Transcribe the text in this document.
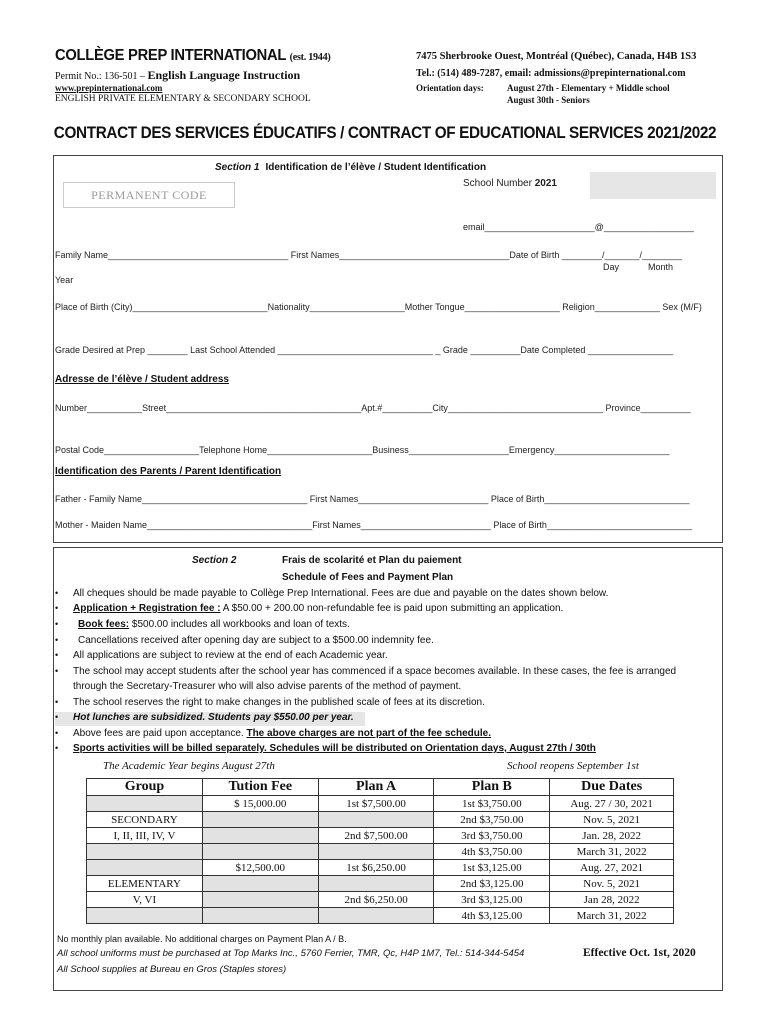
COLLÈGE PREP INTERNATIONAL (est. 1944)
Permit No.: 136-501 – English Language Instruction
www.prepinternational.com
ENGLISH PRIVATE ELEMENTARY & SECONDARY SCHOOL
7475 Sherbrooke Ouest, Montréal (Québec), Canada, H4B 1S3
Tel.: (514) 489-7287, email: admissions@prepinternational.com
Orientation days:	August 27th - Elementary + Middle school
August 30th - Seniors
CONTRACT DES SERVICES ÉDUCATIFS / CONTRACT OF EDUCATIONAL SERVICES 2021/2022
Section 1 Identification de l’élève / Student Identification
School Number 2021
PERMANENT CODE
email______________________@__________________
Family Name____________________________________ First Names__________________________________Date of Birth ________/_______/________
Day	Month
Year
Place of Birth (City)___________________________Nationality___________________Mother Tongue___________________ Religion_____________ Sex (M/F)
Grade Desired at Prep ________ Last School Attended _______________________________ _ Grade __________Date Completed _________________
Adresse de l’élève / Student address
Number___________Street_______________________________________Apt.#__________City_______________________________ Province__________
Postal Code___________________Telephone Home_____________________Business____________________Emergency_______________________
Identification des Parents / Parent Identification
Father - Family Name_________________________________ First Names__________________________ Place of Birth_____________________________
Mother - Maiden Name_________________________________First Names__________________________ Place of Birth_____________________________
Section 2	Frais de scolarité et Plan du paiement
Schedule of Fees and Payment Plan
• All cheques should be made payable to Collège Prep International. Fees are due and payable on the dates shown below.
• Application + Registration fee : A $50.00 + 200.00 non-refundable fee is paid upon submitting an application.
• Book fees: $500.00 includes all workbooks and loan of texts.
• Cancellations received after opening day are subject to a $500.00 indemnity fee.
• All applications are subject to review at the end of each Academic year.
• The school may accept students after the school year has commenced if a space becomes available. In these cases, the fee is arranged
through the Secretary-Treasurer who will also advise parents of the method of payment.
• The school reserves the right to make changes in the published scale of fees at its discretion.
• Hot lunches are subsidized. Students pay $550.00 per year.
• Above fees are paid upon acceptance. The above charges are not part of the fee schedule.
• Sports activities will be billed separately. Schedules will be distributed on Orientation days, August 27th / 30th
The Academic Year begins August 27th	School reopens September 1st
Group	Tution Fee	Plan A	Plan B	Due Dates
	$ 15,000.00	1st $7,500.00	1st $3,750.00	Aug. 27 / 30, 2021
SECONDARY			2nd $3,750.00	Nov. 5, 2021
I, II, III, IV, V		2nd $7,500.00	3rd $3,750.00	Jan. 28, 2022
			4th $3,750.00	March 31, 2022
	$12,500.00	1st $6,250.00	1st $3,125.00	Aug. 27, 2021
ELEMENTARY			2nd $3,125.00	Nov. 5, 2021
V, VI		2nd $6,250.00	3rd $3,125.00	Jan 28, 2022
			4th $3,125.00	March 31, 2022
No monthly plan available. No additional charges on Payment Plan A / B.
All school uniforms must be purchased at Top Marks Inc., 5760 Ferrier, TMR, Qc, H4P 1M7, Tel.: 514-344-5454	Effective Oct. 1st, 2020
All School supplies at Bureau en Gros (Staples stores)
